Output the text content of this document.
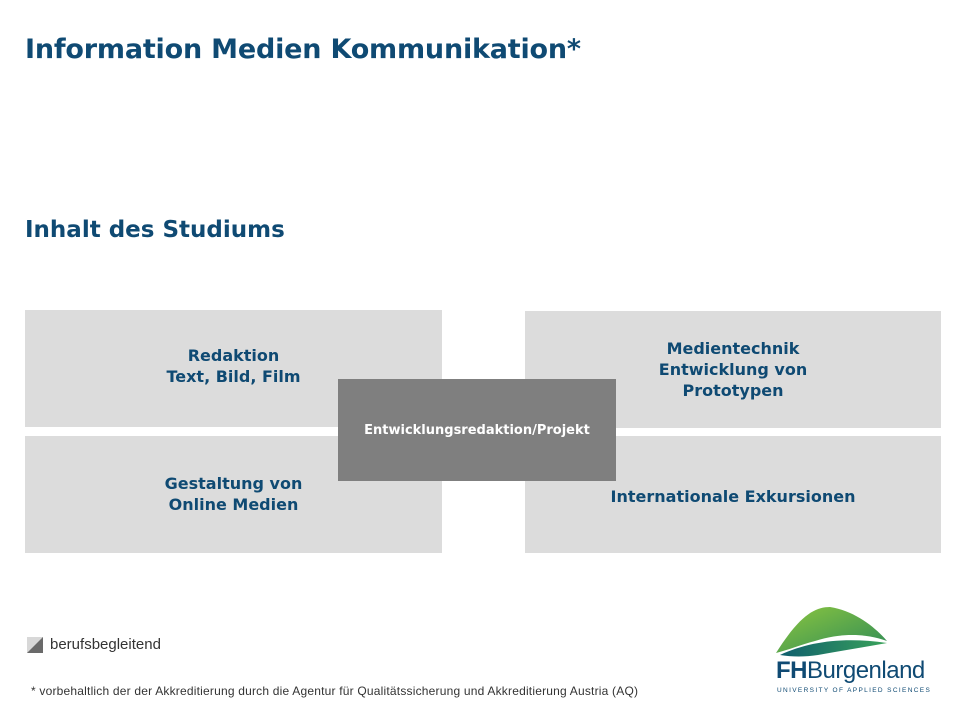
Information Medien Kommunikation*
Inhalt des Studiums
Redaktion
Text, Bild, Film
Medientechnik
Entwicklung von
Prototypen
Gestaltung von
Online Medien	Internationale Exkursionen
Entwicklungsredaktion/Projekt
berufsbegleitend
* vorbehaltlich der der Akkreditierung durch die Agentur für Qualitätssicherung und Akkreditierung Austria (AQ)
FHBurgenland
UNIVERSITY OF APPLIED SCIENCES
